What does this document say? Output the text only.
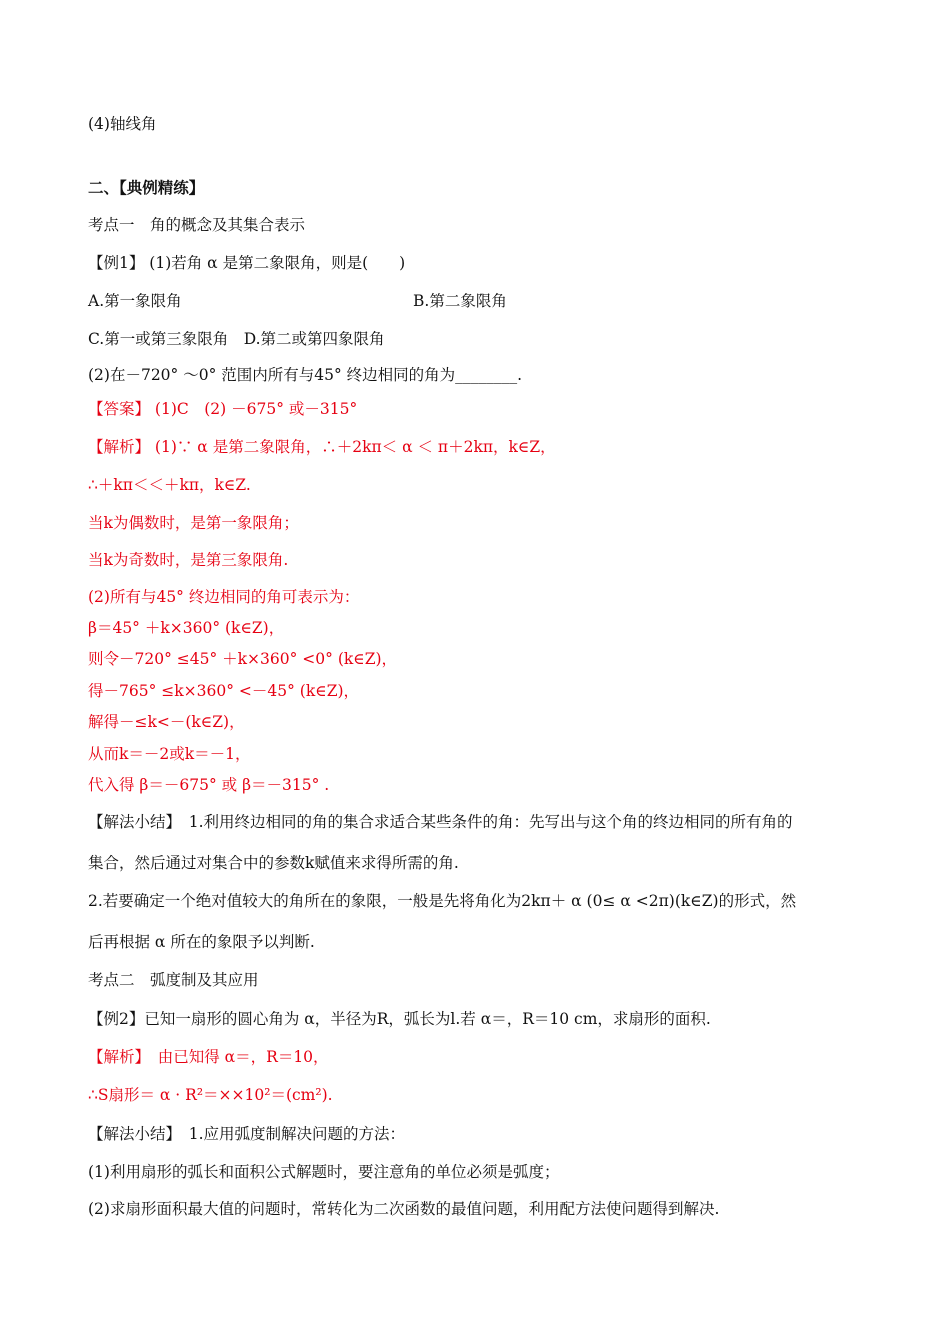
(4)轴线角
二、【典例精练】
考点一　角的概念及其集合表示
【例1】 (1)若角 α 是第二象限角，则是(　　)
A.第一象限角	B.第二象限角
C.第一或第三象限角　D.第二或第四象限角
(2)在－720° ～0° 范围内所有与45° 终边相同的角为________.
【答案】 (1)C　(2) －675° 或－315°
【解析】 (1)∵ α 是第二象限角，∴＋2kπ＜ α ＜ π＋2kπ，k∈Z，
∴＋kπ＜＜＋kπ，k∈Z.
当k为偶数时，是第一象限角；
当k为奇数时，是第三象限角.
(2)所有与45° 终边相同的角可表示为：
β＝45° ＋k×360° (k∈Z)，
则令－720° ≤45° ＋k×360° <0° (k∈Z)，
得－765° ≤k×360° <－45° (k∈Z)，
解得－≤k<－(k∈Z)，
从而k＝－2或k＝－1，
代入得 β＝－675° 或 β＝－315° .
【解法小结】　1.利用终边相同的角的集合求适合某些条件的角：先写出与这个角的终边相同的所有角的
集合，然后通过对集合中的参数k赋值来求得所需的角.
2.若要确定一个绝对值较大的角所在的象限，一般是先将角化为2kπ＋ α (0≤ α <2π)(k∈Z)的形式，然
后再根据 α 所在的象限予以判断.
考点二　弧度制及其应用
【例2】已知一扇形的圆心角为 α，半径为R，弧长为l.若 α＝，R＝10 cm，求扇形的面积.
【解析】　由已知得 α＝，R＝10，
∴S扇形＝ α · R²＝××10²＝(cm²).
【解法小结】　1.应用弧度制解决问题的方法：
(1)利用扇形的弧长和面积公式解题时，要注意角的单位必须是弧度；
(2)求扇形面积最大值的问题时，常转化为二次函数的最值问题，利用配方法使问题得到解决.
